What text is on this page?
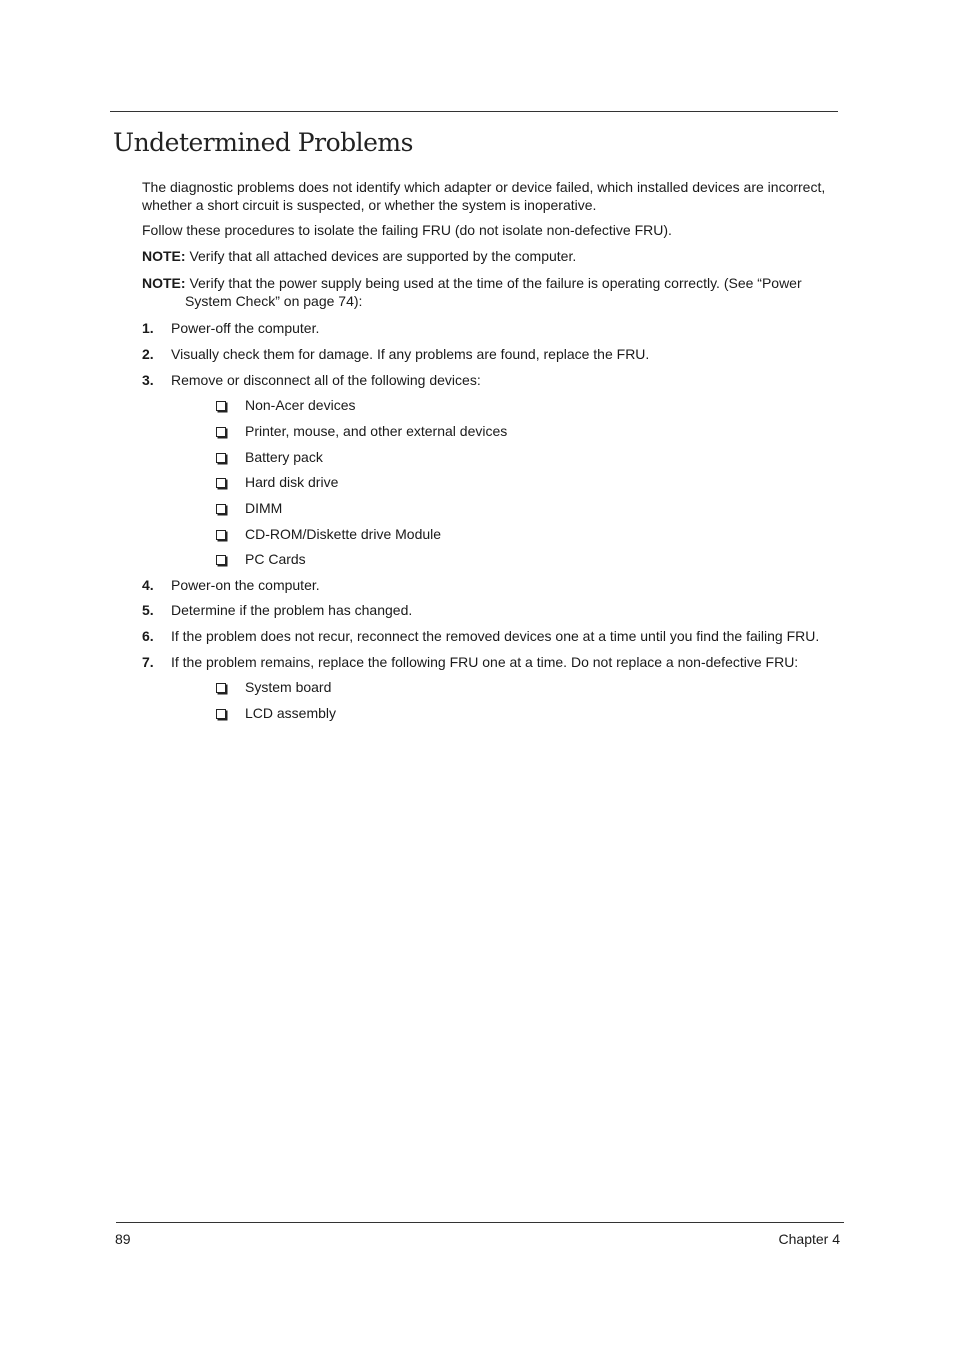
Undetermined Problems

The diagnostic problems does not identify which adapter or device failed, which installed devices are incorrect, whether a short circuit is suspected, or whether the system is inoperative.

Follow these procedures to isolate the failing FRU (do not isolate non-defective FRU).

NOTE: Verify that all attached devices are supported by the computer.

NOTE: Verify that the power supply being used at the time of the failure is operating correctly. (See “Power System Check” on page 74):

1. Power-off the computer.
2. Visually check them for damage. If any problems are found, replace the FRU.
3. Remove or disconnect all of the following devices:
Non-Acer devices
Printer, mouse, and other external devices
Battery pack
Hard disk drive
DIMM
CD-ROM/Diskette drive Module
PC Cards
4. Power-on the computer.
5. Determine if the problem has changed.
6. If the problem does not recur, reconnect the removed devices one at a time until you find the failing FRU.
7. If the problem remains, replace the following FRU one at a time. Do not replace a non-defective FRU:
System board
LCD assembly
89	Chapter 4
